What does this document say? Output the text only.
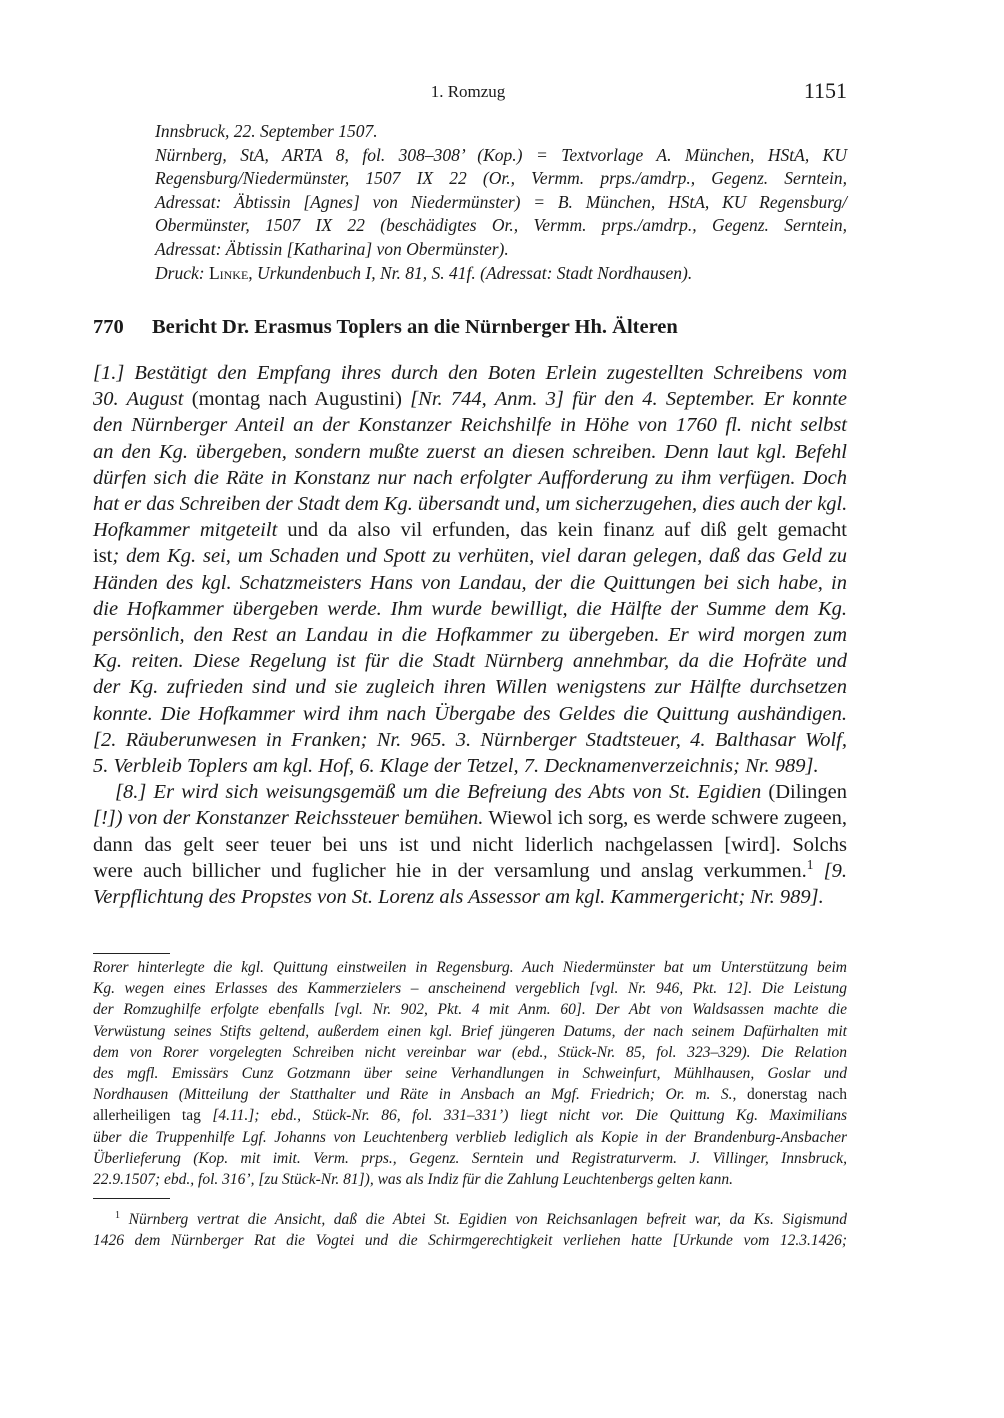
1. Romzug	1151
Innsbruck, 22. September 1507.
Nürnberg, StA, ARTA 8, fol. 308–308’ (Kop.) = Textvorlage A. München, HStA, KU
Regensburg/Niedermünster, 1507 IX 22 (Or., Vermm. prps./amdrp., Gegenz. Serntein,
Adressat: Äbtissin [Agnes] von Niedermünster) = B. München, HStA, KU Regensburg/
Obermünster, 1507 IX 22 (beschädigtes Or., Vermm. prps./amdrp., Gegenz. Serntein,
Adressat: Äbtissin [Katharina] von Obermünster).
Druck: Linke, Urkundenbuch I, Nr. 81, S. 41f. (Adressat: Stadt Nordhausen).
770 Bericht Dr. Erasmus Toplers an die Nürnberger Hh. Älteren
[1.] Bestätigt den Empfang ihres durch den Boten Erlein zugestellten Schreibens vom
30. August (montag nach Augustini) [Nr. 744, Anm. 3] für den 4. September. Er konnte
den Nürnberger Anteil an der Konstanzer Reichshilfe in Höhe von 1760 fl. nicht selbst
an den Kg. übergeben, sondern mußte zuerst an diesen schreiben. Denn laut kgl. Befehl
dürfen sich die Räte in Konstanz nur nach erfolgter Aufforderung zu ihm verfügen. Doch
hat er das Schreiben der Stadt dem Kg. übersandt und, um sicherzugehen, dies auch der kgl.
Hofkammer mitgeteilt und da also vil erfunden, das kein finanz auf diß gelt gemacht
ist; dem Kg. sei, um Schaden und Spott zu verhüten, viel daran gelegen, daß das Geld zu
Händen des kgl. Schatzmeisters Hans von Landau, der die Quittungen bei sich habe, in
die Hofkammer übergeben werde. Ihm wurde bewilligt, die Hälfte der Summe dem Kg.
persönlich, den Rest an Landau in die Hofkammer zu übergeben. Er wird morgen zum
Kg. reiten. Diese Regelung ist für die Stadt Nürnberg annehmbar, da die Hofräte und
der Kg. zufrieden sind und sie zugleich ihren Willen wenigstens zur Hälfte durchsetzen
konnte. Die Hofkammer wird ihm nach Übergabe des Geldes die Quittung aushändigen.
[2. Räuberunwesen in Franken; Nr. 965. 3. Nürnberger Stadtsteuer, 4. Balthasar Wolf,
5. Verbleib Toplers am kgl. Hof, 6. Klage der Tetzel, 7. Decknamenverzeichnis; Nr. 989].
[8.] Er wird sich weisungsgemäß um die Befreiung des Abts von St. Egidien (Dilingen
[!]) von der Konstanzer Reichssteuer bemühen. Wiewol ich sorg, es werde schwere zugeen,
dann das gelt seer teuer bei uns ist und nicht liderlich nachgelassen [wird]. Solchs
were auch billicher und fuglicher hie in der versamlung und anslag verkummen.$^1$ [9.
Verpflichtung des Propstes von St. Lorenz als Assessor am kgl. Kammergericht; Nr. 989].
Rorer hinterlegte die kgl. Quittung einstweilen in Regensburg. Auch Niedermünster bat um Unterstützung beim
Kg. wegen eines Erlasses des Kammerzielers – anscheinend vergeblich [vgl. Nr. 946, Pkt. 12]. Die Leistung
der Romzughilfe erfolgte ebenfalls [vgl. Nr. 902, Pkt. 4 mit Anm. 60]. Der Abt von Waldsassen machte die
Verwüstung seines Stifts geltend, außerdem einen kgl. Brief jüngeren Datums, der nach seinem Dafürhalten mit
dem von Rorer vorgelegten Schreiben nicht vereinbar war (ebd., Stück-Nr. 85, fol. 323–329). Die Relation
des mgfl. Emissärs Cunz Gotzmann über seine Verhandlungen in Schweinfurt, Mühlhausen, Goslar und
Nordhausen (Mitteilung der Statthalter und Räte in Ansbach an Mgf. Friedrich; Or. m. S., donerstag nach
allerheiligen tag [4.11.]; ebd., Stück-Nr. 86, fol. 331–331’) liegt nicht vor. Die Quittung Kg. Maximilians
über die Truppenhilfe Lgf. Johanns von Leuchtenberg verblieb lediglich als Kopie in der Brandenburg-Ansbacher
Überlieferung (Kop. mit imit. Verm. prps., Gegenz. Serntein und Registraturverm. J. Villinger, Innsbruck,
22.9.1507; ebd., fol. 316’, [zu Stück-Nr. 81]), was als Indiz für die Zahlung Leuchtenbergs gelten kann.
$^1$ Nürnberg vertrat die Ansicht, daß die Abtei St. Egidien von Reichsanlagen befreit war, da Ks. Sigismund
1426 dem Nürnberger Rat die Vogtei und die Schirmgerechtigkeit verliehen hatte [Urkunde vom 12.3.1426;
